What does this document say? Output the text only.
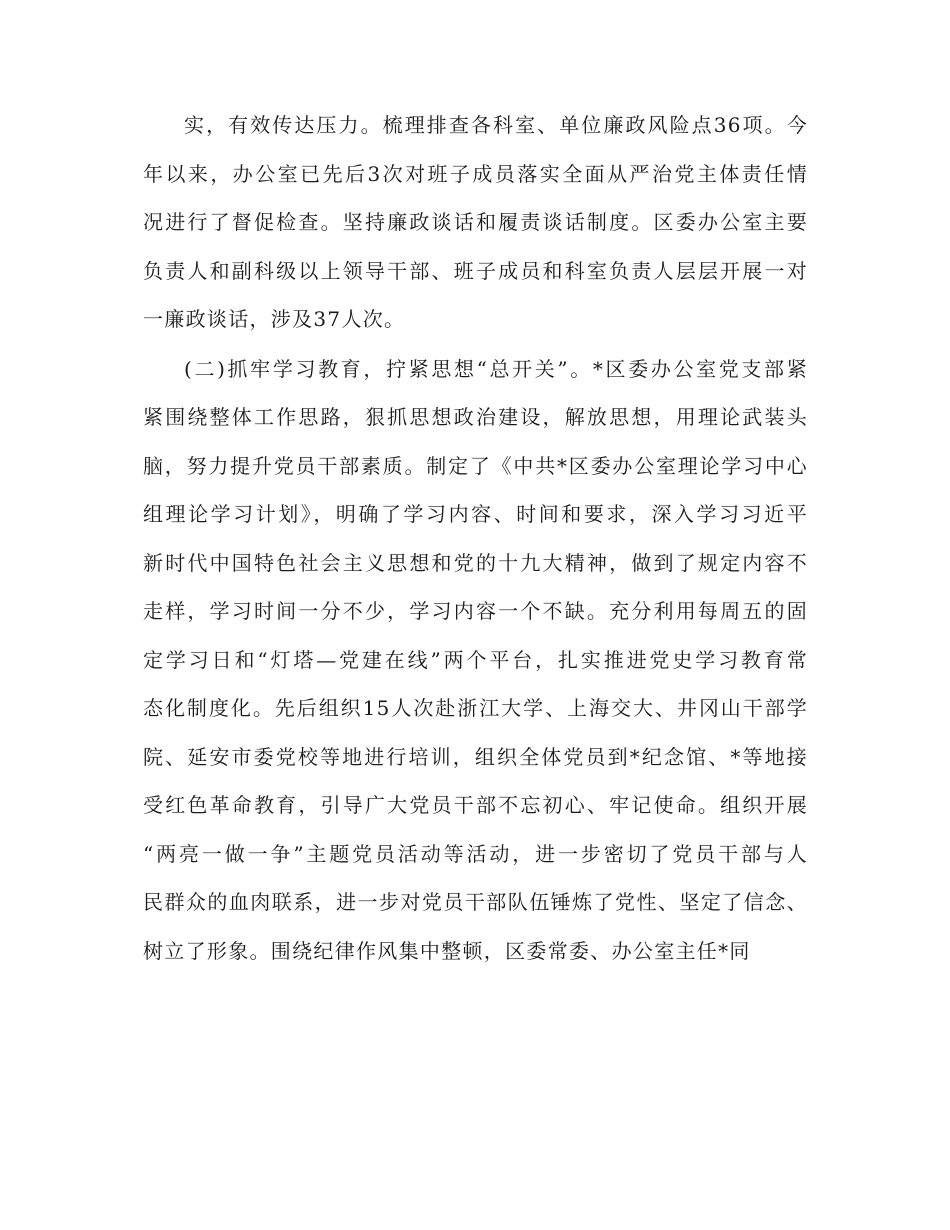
实，有效传达压力。梳理排查各科室、单位廉政风险点36项。今
年以来，办公室已先后3次对班子成员落实全面从严治党主体责任情
况进行了督促检查。坚持廉政谈话和履责谈话制度。区委办公室主要
负责人和副科级以上领导干部、班子成员和科室负责人层层开展一对
一廉政谈话，涉及37人次。
(二)抓牢学习教育，拧紧思想“总开关”。*区委办公室党支部紧
紧围绕整体工作思路，狠抓思想政治建设，解放思想，用理论武装头
脑，努力提升党员干部素质。制定了《中共*区委办公室理论学习中心
组理论学习计划》，明确了学习内容、时间和要求，深入学习习近平
新时代中国特色社会主义思想和党的十九大精神，做到了规定内容不
走样，学习时间一分不少，学习内容一个不缺。充分利用每周五的固
定学习日和“灯塔—党建在线”两个平台，扎实推进党史学习教育常
态化制度化。先后组织15人次赴浙江大学、上海交大、井冈山干部学
院、延安市委党校等地进行培训，组织全体党员到*纪念馆、*等地接
受红色革命教育，引导广大党员干部不忘初心、牢记使命。组织开展
“两亮一做一争”主题党员活动等活动，进一步密切了党员干部与人
民群众的血肉联系，进一步对党员干部队伍锤炼了党性、坚定了信念、
树立了形象。围绕纪律作风集中整顿，区委常委、办公室主任*同
